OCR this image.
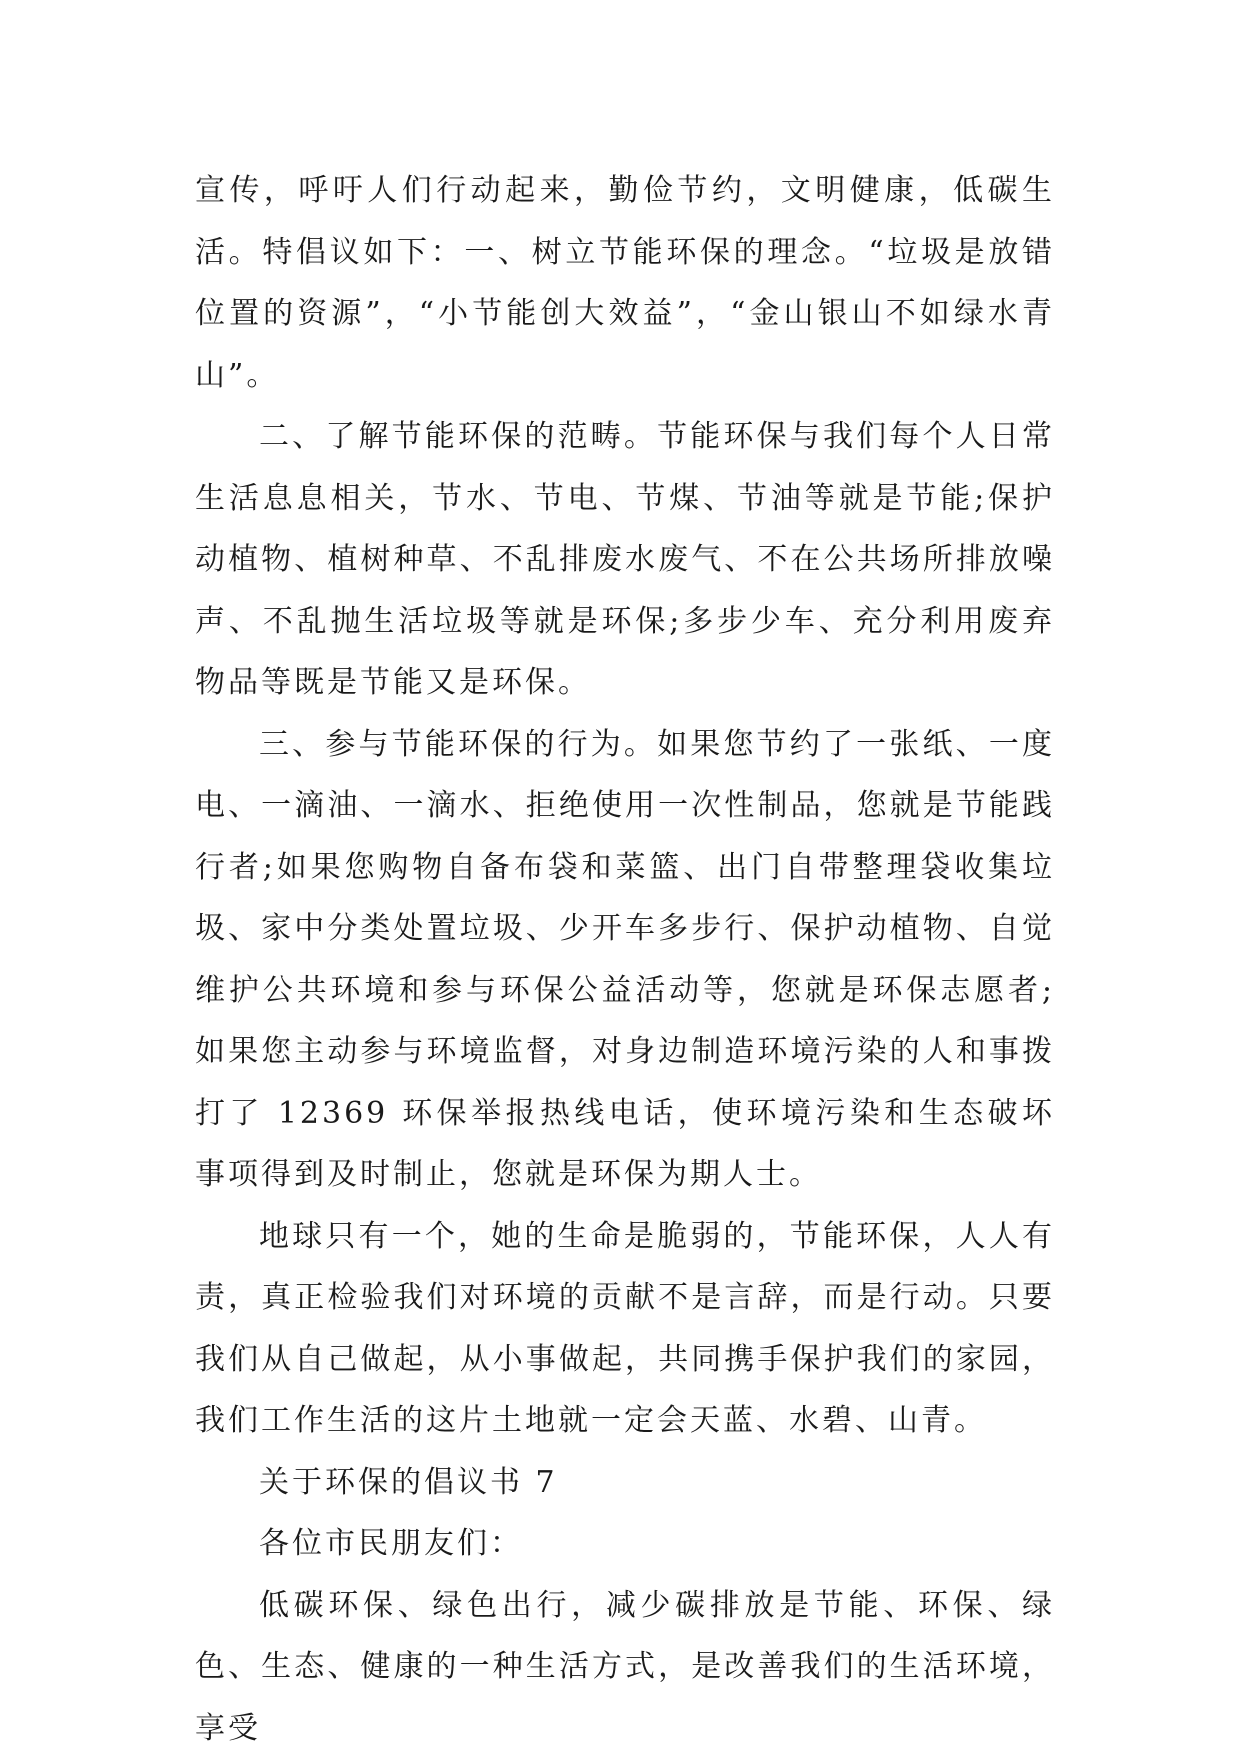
宣传，呼吁人们行动起来，勤俭节约，文明健康，低碳生活。特倡议如下：一、树立节能环保的理念。“垃圾是放错位置的资源”，“小节能创大效益”，“金山银山不如绿水青山”。

二、了解节能环保的范畴。节能环保与我们每个人日常生活息息相关，节水、节电、节煤、节油等就是节能;保护动植物、植树种草、不乱排废水废气、不在公共场所排放噪声、不乱抛生活垃圾等就是环保;多步少车、充分利用废弃物品等既是节能又是环保。

三、参与节能环保的行为。如果您节约了一张纸、一度电、一滴油、一滴水、拒绝使用一次性制品，您就是节能践行者;如果您购物自备布袋和菜篮、出门自带整理袋收集垃圾、家中分类处置垃圾、少开车多步行、保护动植物、自觉维护公共环境和参与环保公益活动等，您就是环保志愿者;如果您主动参与环境监督，对身边制造环境污染的人和事拨打了 12369 环保举报热线电话，使环境污染和生态破坏事项得到及时制止，您就是环保为期人士。

地球只有一个，她的生命是脆弱的，节能环保，人人有责，真正检验我们对环境的贡献不是言辞，而是行动。只要我们从自己做起，从小事做起，共同携手保护我们的家园，我们工作生活的这片土地就一定会天蓝、水碧、山青。

关于环保的倡议书 7

各位市民朋友们：

低碳环保、绿色出行，减少碳排放是节能、环保、绿色、生态、健康的一种生活方式，是改善我们的生活环境，享受
